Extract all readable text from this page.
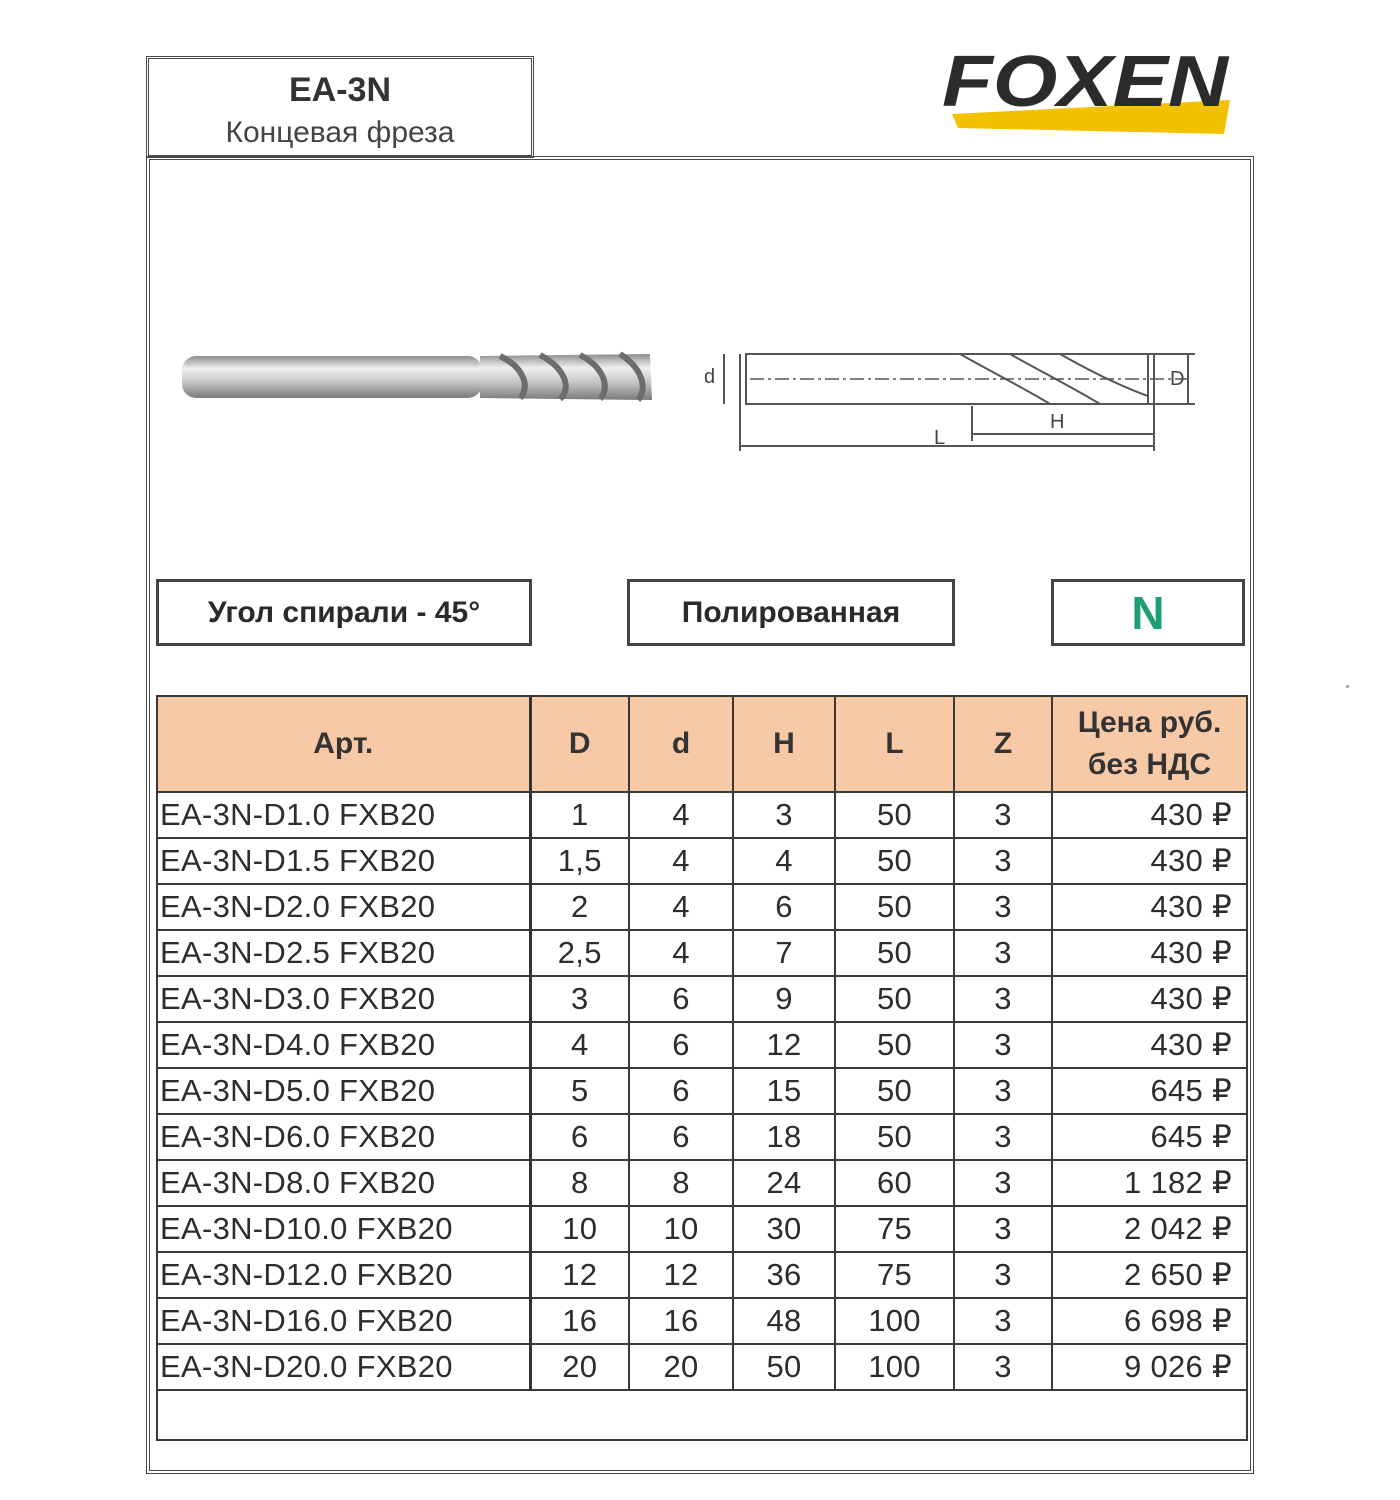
EA-3N
Концевая фреза
FOXEN
d	D
H
L
Угол спирали - 45°	Полированная	N
Арт.	D	d	H	L	Z	Цена руб.
без НДС

EA-3N-D1.0 FXB20	1	4	3	50	3	430 ₽
EA-3N-D1.5 FXB20	1,5	4	4	50	3	430 ₽
EA-3N-D2.0 FXB20	2	4	6	50	3	430 ₽
EA-3N-D2.5 FXB20	2,5	4	7	50	3	430 ₽
EA-3N-D3.0 FXB20	3	6	9	50	3	430 ₽
EA-3N-D4.0 FXB20	4	6	12	50	3	430 ₽
EA-3N-D5.0 FXB20	5	6	15	50	3	645 ₽
EA-3N-D6.0 FXB20	6	6	18	50	3	645 ₽
EA-3N-D8.0 FXB20	8	8	24	60	3	1 182 ₽
EA-3N-D10.0 FXB20	10	10	30	75	3	2 042 ₽
EA-3N-D12.0 FXB20	12	12	36	75	3	2 650 ₽
EA-3N-D16.0 FXB20	16	16	48	100	3	6 698 ₽
EA-3N-D20.0 FXB20	20	20	50	100	3	9 026 ₽
